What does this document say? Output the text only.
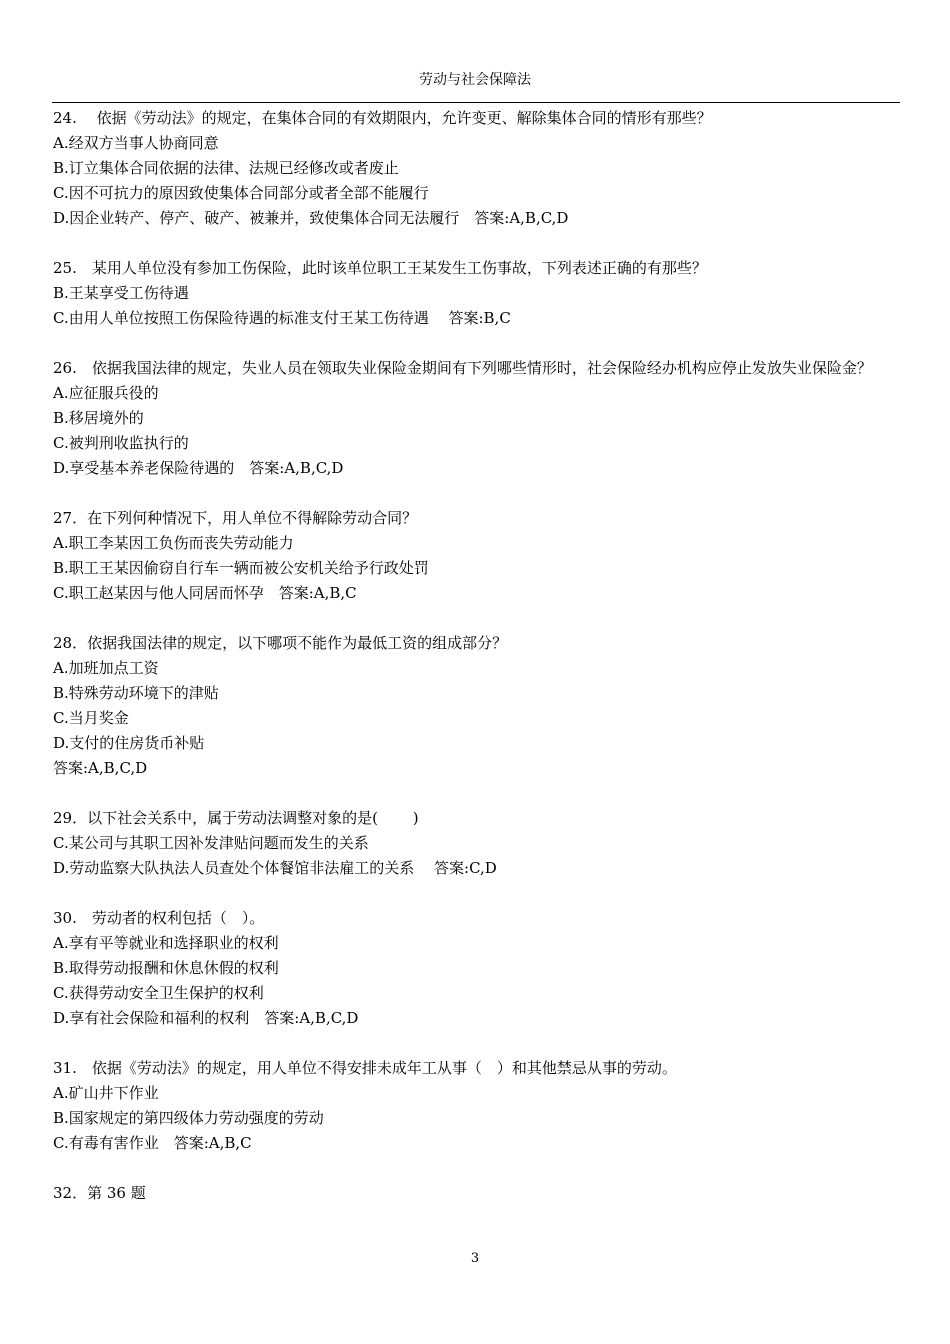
劳动与社会保障法

24.　 依据《劳动法》的规定，在集体合同的有效期限内，允许变更、解除集体合同的情形有那些？

A.经双方当事人协商同意

B.订立集体合同依据的法律、法规已经修改或者废止

C.因不可抗力的原因致使集体合同部分或者全部不能履行

D.因企业转产、停产、破产、被兼并，致使集体合同无法履行　答案:A,B,C,D

25.　某用人单位没有参加工伤保险，此时该单位职工王某发生工伤事故，下列表述正确的有那些？

B.王某享受工伤待遇

C.由用人单位按照工伤保险待遇的标准支付王某工伤待遇　 答案:B,C

26.　依据我国法律的规定，失业人员在领取失业保险金期间有下列哪些情形时，社会保险经办机构应停止发放失业保险金？

A.应征服兵役的

B.移居境外的

C.被判刑收监执行的

D.享受基本养老保险待遇的　答案:A,B,C,D

27．在下列何种情况下，用人单位不得解除劳动合同？

A.职工李某因工负伤而丧失劳动能力

B.职工王某因偷窃自行车一辆而被公安机关给予行政处罚

C.职工赵某因与他人同居而怀孕　答案:A,B,C

28．依据我国法律的规定，以下哪项不能作为最低工资的组成部分？

A.加班加点工资

B.特殊劳动环境下的津贴

C.当月奖金

D.支付的住房货币补贴

答案:A,B,C,D

29．以下社会关系中，属于劳动法调整对象的是(　　 )

C.某公司与其职工因补发津贴问题而发生的关系

D.劳动监察大队执法人员查处个体餐馆非法雇工的关系　 答案:C,D

30.　劳动者的权利包括（　）。

A.享有平等就业和选择职业的权利

B.取得劳动报酬和休息休假的权利

C.获得劳动安全卫生保护的权利

D.享有社会保险和福利的权利　答案:A,B,C,D

31.　依据《劳动法》的规定，用人单位不得安排未成年工从事（　）和其他禁忌从事的劳动。

A.矿山井下作业

B.国家规定的第四级体力劳动强度的劳动

C.有毒有害作业　答案:A,B,C

32．第 36 题

3
